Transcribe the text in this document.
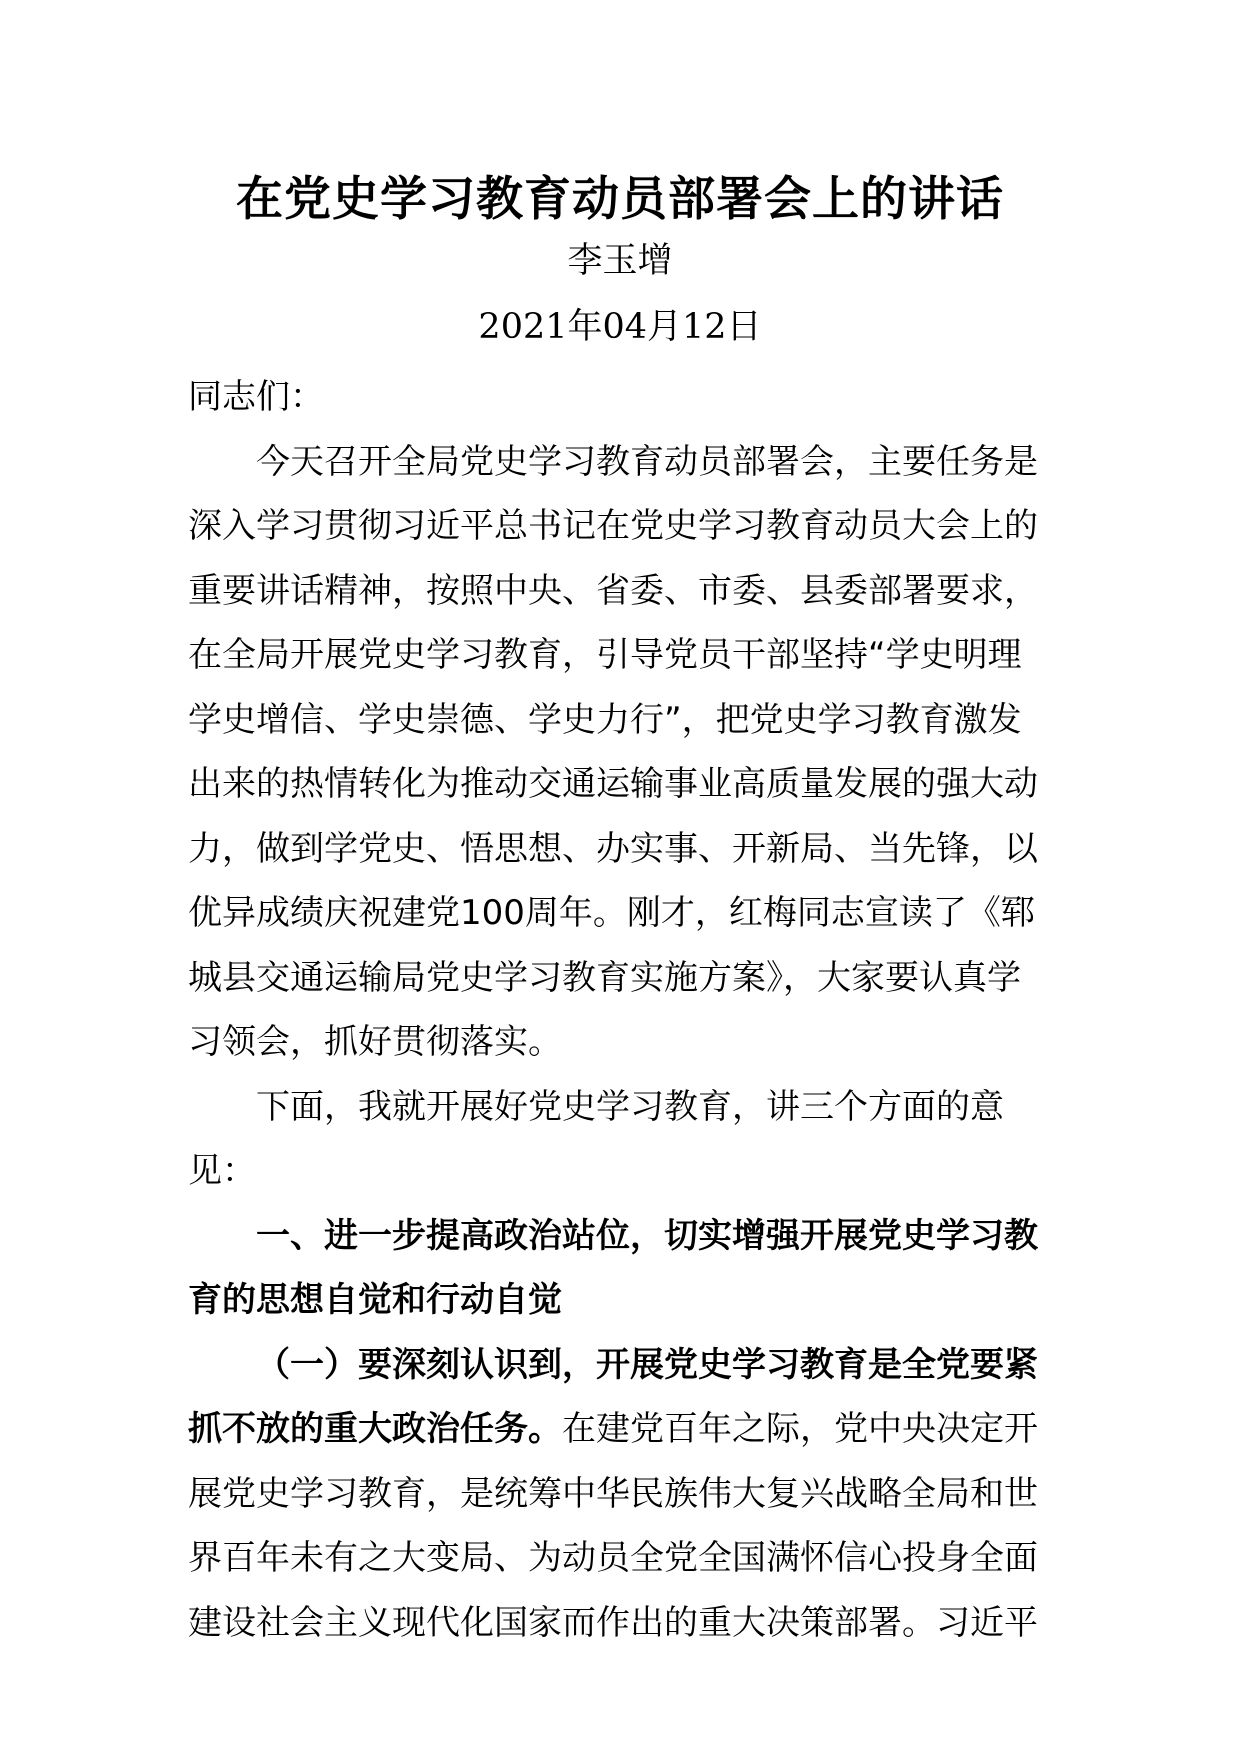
在党史学习教育动员部署会上的讲话
李玉增
2021年04月12日

同志们：

今天召开全局党史学习教育动员部署会，主要任务是深入学习贯彻习近平总书记在党史学习教育动员大会上的重要讲话精神，按照中央、省委、市委、县委部署要求，在全局开展党史学习教育，引导党员干部坚持“学史明理学史增信、学史崇德、学史力行”，把党史学习教育激发出来的热情转化为推动交通运输事业高质量发展的强大动力，做到学党史、悟思想、办实事、开新局、当先锋，以优异成绩庆祝建党100周年。刚才，红梅同志宣读了《郓城县交通运输局党史学习教育实施方案》，大家要认真学习领会，抓好贯彻落实。

下面，我就开展好党史学习教育，讲三个方面的意见：

一、进一步提高政治站位，切实增强开展党史学习教育的思想自觉和行动自觉

（一）要深刻认识到，开展党史学习教育是全党要紧抓不放的重大政治任务。在建党百年之际，党中央决定开展党史学习教育，是统筹中华民族伟大复兴战略全局和世界百年未有之大变局、为动员全党全国满怀信心投身全面建设社会主义现代化国家而作出的重大决策部署。习近平
